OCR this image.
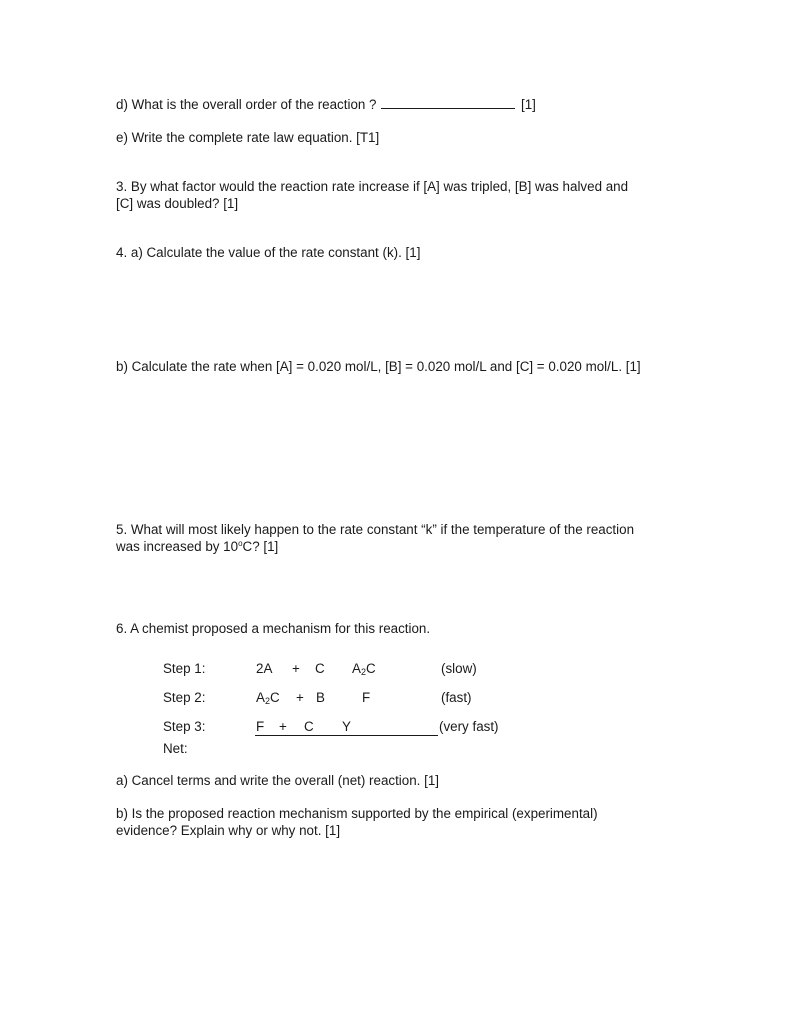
d) What is the overall order of the reaction ?	[1]
e) Write the complete rate law equation. [T1]
3. By what factor would the reaction rate increase if [A] was tripled, [B] was halved and
[C] was doubled? [1]
4. a) Calculate the value of the rate constant (k). [1]
b) Calculate the rate when [A] = 0.020 mol/L, [B] = 0.020 mol/L and [C] = 0.020 mol/L. [1]
5. What will most likely happen to the rate constant “k” if the temperature of the reaction
was increased by 10$^o$C? [1]
6. A chemist proposed a mechanism for this reaction.
Step 1:	2A + C $A_2C$	(slow)
Step 2:	$A_2C + B$	F	(fast)
Step 3:	F + C Y	(very fast)
Net:
a) Cancel terms and write the overall (net) reaction. [1]
b) Is the proposed reaction mechanism supported by the empirical (experimental)
evidence? Explain why or why not. [1]
